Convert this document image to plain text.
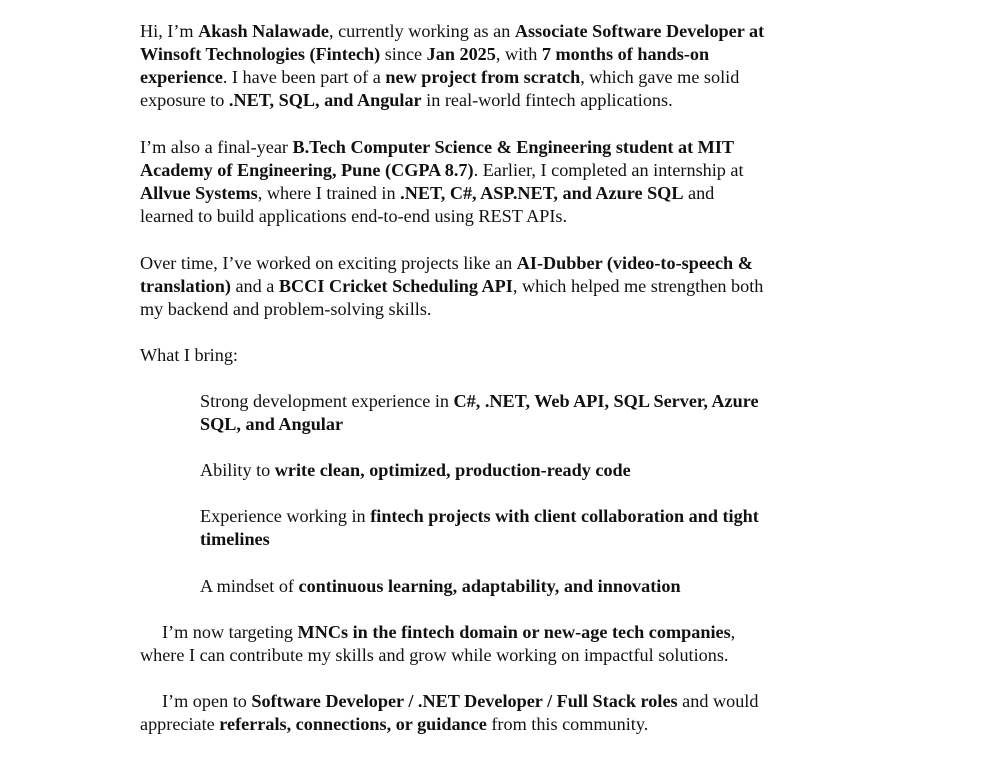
Hi, I’m Akash Nalawade, currently working as an Associate Software Developer at
Winsoft Technologies (Fintech) since Jan 2025, with 7 months of hands-on
experience. I have been part of a new project from scratch, which gave me solid
exposure to .NET, SQL, and Angular in real-world fintech applications.
I’m also a final-year B.Tech Computer Science & Engineering student at MIT
Academy of Engineering, Pune (CGPA 8.7). Earlier, I completed an internship at
Allvue Systems, where I trained in .NET, C#, ASP.NET, and Azure SQL and
learned to build applications end-to-end using REST APIs.
Over time, I’ve worked on exciting projects like an AI-Dubber (video-to-speech &
translation) and a BCCI Cricket Scheduling API, which helped me strengthen both
my backend and problem-solving skills.
What I bring:
Strong development experience in C#, .NET, Web API, SQL Server, Azure
SQL, and Angular
Ability to write clean, optimized, production-ready code
Experience working in fintech projects with client collaboration and tight
timelines
A mindset of continuous learning, adaptability, and innovation
I’m now targeting MNCs in the fintech domain or new-age tech companies,
where I can contribute my skills and grow while working on impactful solutions.
I’m open to Software Developer / .NET Developer / Full Stack roles and would
appreciate referrals, connections, or guidance from this community.
